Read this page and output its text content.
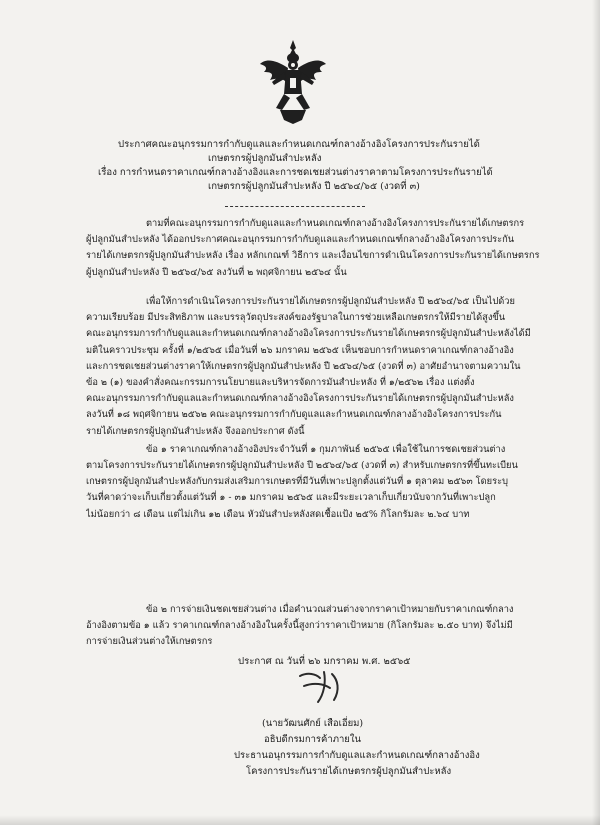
ประกาศคณะอนุกรรมการกำกับดูแลและกำหนดเกณฑ์กลางอ้างอิงโครงการประกันรายได้
เกษตรกรผู้ปลูกมันสำปะหลัง
เรื่อง การกำหนดราคาเกณฑ์กลางอ้างอิงและการชดเชยส่วนต่างราคาตามโครงการประกันรายได้
เกษตรกรผู้ปลูกมันสำปะหลัง ปี ๒๕๖๔/๖๕ (งวดที่ ๓)
ตามที่คณะอนุกรรมการกำกับดูแลและกำหนดเกณฑ์กลางอ้างอิงโครงการประกันรายได้เกษตรกร
ผู้ปลูกมันสำปะหลัง ได้ออกประกาศคณะอนุกรรมการกำกับดูแลและกำหนดเกณฑ์กลางอ้างอิงโครงการประกัน
รายได้เกษตรกรผู้ปลูกมันสำปะหลัง เรื่อง หลักเกณฑ์ วิธีการ และเงื่อนไขการดำเนินโครงการประกันรายได้เกษตรกร
ผู้ปลูกมันสำปะหลัง ปี ๒๕๖๔/๖๕ ลงวันที่ ๒ พฤศจิกายน ๒๕๖๔ นั้น
เพื่อให้การดำเนินโครงการประกันรายได้เกษตรกรผู้ปลูกมันสำปะหลัง ปี ๒๕๖๔/๖๕ เป็นไปด้วย
ความเรียบร้อย มีประสิทธิภาพ และบรรลุวัตถุประสงค์ของรัฐบาลในการช่วยเหลือเกษตรกรให้มีรายได้สูงขึ้น
คณะอนุกรรมการกำกับดูแลและกำหนดเกณฑ์กลางอ้างอิงโครงการประกันรายได้เกษตรกรผู้ปลูกมันสำปะหลังได้มี
มติในคราวประชุม ครั้งที่ ๑/๒๕๖๕ เมื่อวันที่ ๒๖ มกราคม ๒๕๖๕ เห็นชอบการกำหนดราคาเกณฑ์กลางอ้างอิง
และการชดเชยส่วนต่างราคาให้เกษตรกรผู้ปลูกมันสำปะหลัง ปี ๒๕๖๔/๖๕ (งวดที่ ๓) อาศัยอำนาจตามความใน
ข้อ ๒ (๑) ของคำสั่งคณะกรรมการนโยบายและบริหารจัดการมันสำปะหลัง ที่ ๑/๒๕๖๒ เรื่อง แต่งตั้ง
คณะอนุกรรมการกำกับดูแลและกำหนดเกณฑ์กลางอ้างอิงโครงการประกันรายได้เกษตรกรผู้ปลูกมันสำปะหลัง
ลงวันที่ ๑๘ พฤศจิกายน ๒๕๖๒ คณะอนุกรรมการกำกับดูแลและกำหนดเกณฑ์กลางอ้างอิงโครงการประกัน
รายได้เกษตรกรผู้ปลูกมันสำปะหลัง จึงออกประกาศ ดังนี้
ข้อ ๑ ราคาเกณฑ์กลางอ้างอิงประจำวันที่ ๑ กุมภาพันธ์ ๒๕๖๕ เพื่อใช้ในการชดเชยส่วนต่าง
ตามโครงการประกันรายได้เกษตรกรผู้ปลูกมันสำปะหลัง ปี ๒๕๖๔/๖๕ (งวดที่ ๓) สำหรับเกษตรกรที่ขึ้นทะเบียน
เกษตรกรผู้ปลูกมันสำปะหลังกับกรมส่งเสริมการเกษตรที่มีวันที่เพาะปลูกตั้งแต่วันที่ ๑ ตุลาคม ๒๕๖๓ โดยระบุ
วันที่คาดว่าจะเก็บเกี่ยวตั้งแต่วันที่ ๑ - ๓๑ มกราคม ๒๕๖๕ และมีระยะเวลาเก็บเกี่ยวนับจากวันที่เพาะปลูก
ไม่น้อยกว่า ๘ เดือน แต่ไม่เกิน ๑๒ เดือน หัวมันสำปะหลังสดเชื้อแป้ง ๒๕% กิโลกรัมละ ๒.๖๔ บาท
ข้อ ๒ การจ่ายเงินชดเชยส่วนต่าง เมื่อคำนวณส่วนต่างจากราคาเป้าหมายกับราคาเกณฑ์กลาง
อ้างอิงตามข้อ ๑ แล้ว ราคาเกณฑ์กลางอ้างอิงในครั้งนี้สูงกว่าราคาเป้าหมาย (กิโลกรัมละ ๒.๕๐ บาท) จึงไม่มี
การจ่ายเงินส่วนต่างให้เกษตรกร
ประกาศ ณ วันที่ ๒๖ มกราคม พ.ศ. ๒๕๖๕
(นายวัฒนศักย์ เสือเอี่ยม)
อธิบดีกรมการค้าภายใน
ประธานอนุกรรมการกำกับดูแลและกำหนดเกณฑ์กลางอ้างอิง
โครงการประกันรายได้เกษตรกรผู้ปลูกมันสำปะหลัง
